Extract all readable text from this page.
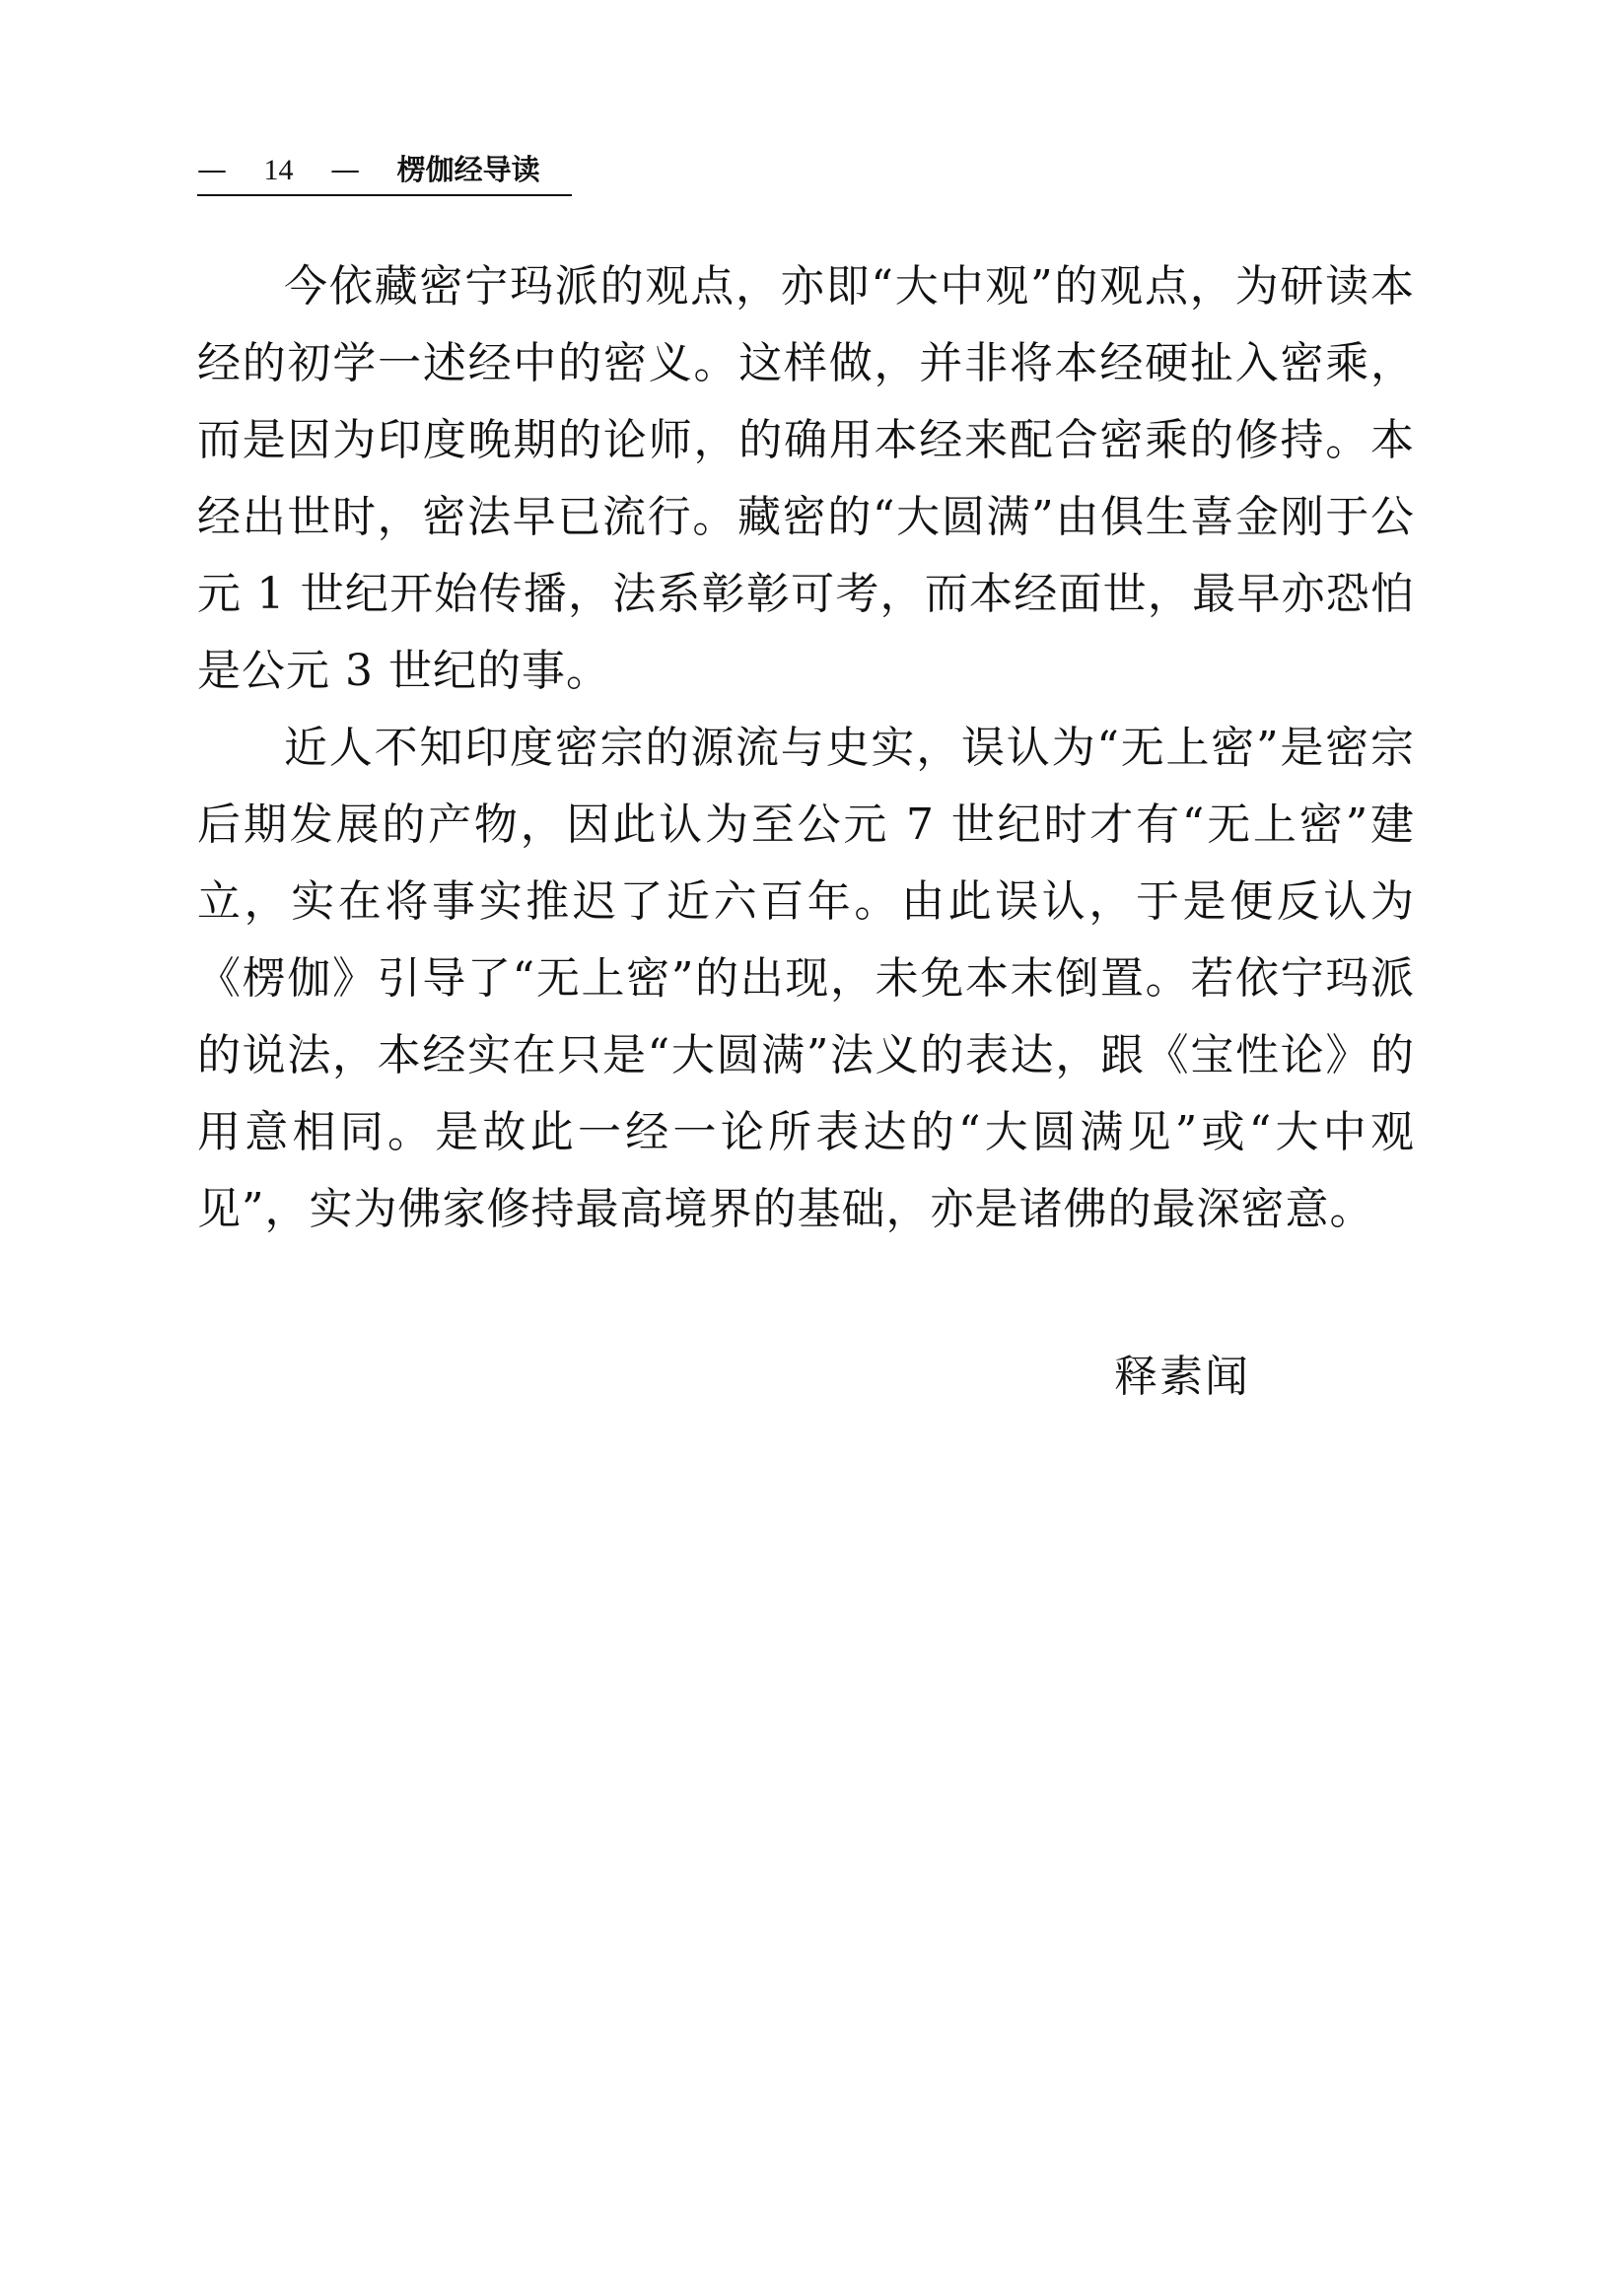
— 14 — 楞伽经导读

今依藏密宁玛派的观点，亦即“大中观”的观点，为研读本经的初学一述经中的密义。这样做，并非将本经硬扯入密乘，而是因为印度晚期的论师，的确用本经来配合密乘的修持。本经出世时，密法早已流行。藏密的“大圆满”由俱生喜金刚于公元 1 世纪开始传播，法系彰彰可考，而本经面世，最早亦恐怕是公元 3 世纪的事。

近人不知印度密宗的源流与史实，误认为“无上密”是密宗后期发展的产物，因此认为至公元 7 世纪时才有“无上密”建立，实在将事实推迟了近六百年。由此误认，于是便反认为《楞伽》引导了“无上密”的出现，未免本末倒置。若依宁玛派的说法，本经实在只是“大圆满”法义的表达，跟《宝性论》的用意相同。是故此一经一论所表达的“大圆满见”或“大中观见”，实为佛家修持最高境界的基础，亦是诸佛的最深密意。

释素闻
